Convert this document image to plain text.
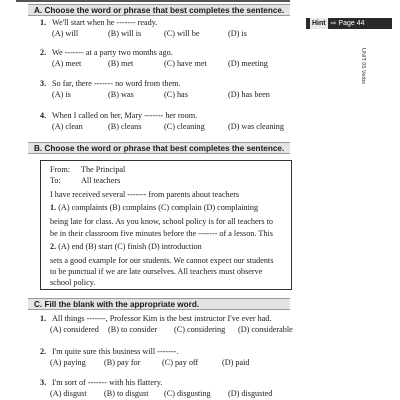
Hint ⇨ Page 44
UNIT 05 Verbs
A. Choose the word or phrase that best completes the sentence.
1. We'll start when he ------- ready.
(A) will	(B) will is	(C) will be	(D) is
2. We ------- at a party two months ago.
(A) meet	(B) met	(C) have met	(D) meeting
3. So far, there ------- no word from them.
(A) is	(B) was	(C) has	(D) has been
4. When I called on her, Mary ------- her room.
(A) clean	(B) cleans	(C) cleaning	(D) was cleaning
B. Choose the word or phrase that best completes the sentence.
From: The Principal
To: All teachers
I have received several ------- from parents about teachers
1. (A) complaints (B) complains (C) complain (D) complaining
being late for class. As you know, school policy is for all teachers to
be in their classroom five minutes before the ------- of a lesson. This
2. (A) end (B) start (C) finish (D) introduction
sets a good example for our students. We cannot expect our students
to be punctual if we are late ourselves. All teachers must observe
school policy.
C. Fill the blank with the appropriate word.
1. All things -------, Professor Kim is the best instructor I've ever had.
(A) considered (B) to consider (C) considering (D) considerable
2. I'm quite sure this business will -------.
(A) paying (B) pay for	(C) pay off	(D) paid
3. I'm sort of ------- with his flattery.
(A) disgust (B) to disgust (C) disgusting (D) disgusted
